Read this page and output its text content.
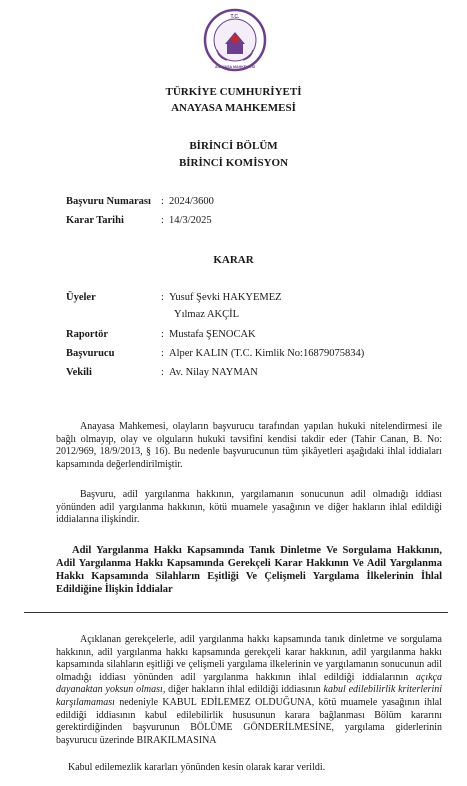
T.C.
ANAYASA MAHKEMESİ
TÜRKİYE CUMHURİYETİ
ANAYASA MAHKEMESİ
BİRİNCİ BÖLÜM
BİRİNCİ KOMİSYON
Başvuru Numarası : 2024/3600
Karar Tarihi	: 14/3/2025
KARAR
Üyeler	: Yusuf Şevki HAKYEMEZ
Yılmaz AKÇİL
Raportör	: Mustafa ŞENOCAK
Başvurucu	: Alper KALIN (T.C. Kimlik No:16879075834)
Vekili	: Av. Nilay NAYMAN
Anayasa Mahkemesi, olayların başvurucu tarafından yapılan hukuki nitelendirmesi ile bağlı olmayıp, olay ve olguların hukuki tavsifini kendisi takdir eder (Tahir Canan, B. No: 2012/969, 18/9/2013, § 16). Bu nedenle başvurucunun tüm şikâyetleri aşağıdaki ihlal iddiaları kapsamında değerlendirilmiştir.
Başvuru, adil yargılanma hakkının, yargılamanın sonucunun adil olmadığı iddiası yönünden adil yargılanma hakkının, kötü muamele yasağının ve diğer hakların ihlal edildiği iddialarına ilişkindir.
Adil Yargılanma Hakkı Kapsamında Tanık Dinletme Ve Sorgulama Hakkının, Adil Yargılanma Hakkı Kapsamında Gerekçeli Karar Hakkının Ve Adil Yargılanma Hakkı Kapsamında Silahların Eşitliği Ve Çelişmeli Yargılama İlkelerinin İhlal Edildiğine İlişkin İddialar
Açıklanan gerekçelerle, adil yargılanma hakkı kapsamında tanık dinletme ve sorgulama hakkının, adil yargılanma hakkı kapsamında gerekçeli karar hakkının, adil yargılanma hakkı kapsamında silahların eşitliği ve çelişmeli yargılama ilkelerinin ve yargılamanın sonucunun adil olmadığı iddiası yönünden adil yargılanma hakkının ihlal edildiği iddialarının açıkça dayanaktan yoksun olması, diğer hakların ihlal edildiği iddiasının kabul edilebilirlik kriterlerini karşılamaması nedeniyle KABUL EDİLEMEZ OLDUĞUNA, kötü muamele yasağının ihlal edildiği iddiasının kabul edilebilirlik hususunun karara bağlanması Bölüm kararını gerektirdiğinden başvurunun BÖLÜME GÖNDERİLMESİNE, yargılama giderlerinin başvurucu üzerinde BIRAKILMASINA
Kabul edilemezlik kararları yönünden kesin olarak karar verildi.
